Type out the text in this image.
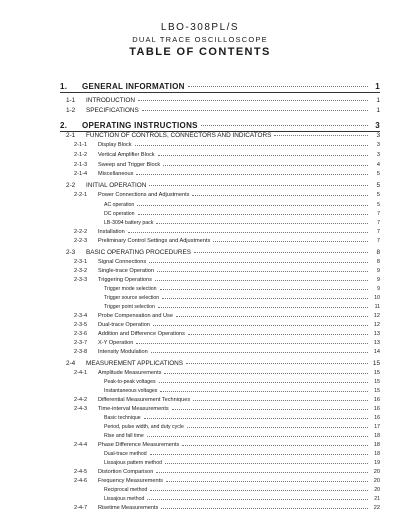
LBO-308PL/S
DUAL TRACE OSCILLOSCOPE
TABLE OF CONTENTS
1.	GENERAL INFORMATION	1
1-1	INTRODUCTION	1
1-2	SPECIFICATIONS	1
2.	OPERATING INSTRUCTIONS	3
2-1	FUNCTION OF CONTROLS, CONNECTORS AND INDICATORS	3
2-1-1	Display Block	3
2-1-2	Vertical Amplifier Block	3
2-1-3	Sweep and Trigger Block	4
2-1-4	Miscellaneous	5
2-2	INITIAL OPERATION	5
2-2-1	Power Connections and Adjustments	5
AC operation	5
DC operation	7
LB-3094 battery pack	7
2-2-2	Installation	7
2-2-3	Preliminary Control Settings and Adjustments	7
2-3	BASIC OPERATING PROCEDURES	8
2-3-1	Signal Connections	8
2-3-2	Single-trace Operation	9
2-3-3	Triggering Operations	9
Trigger mode selection	9
Trigger source selection	10
Trigger point selection	11
2-3-4	Probe Compensation and Use	12
2-3-5	Dual-trace Operation	12
2-3-6	Addition and Difference Operations	13
2-3-7	X-Y Operation	13
2-3-8	Intensity Modulation	14
2-4	MEASUREMENT APPLICATIONS	15
2-4-1	Amplitude Measurements	15
Peak-to-peak voltages	15
Instantaneous voltages	15
2-4-2	Differential Measurement Techniques	16
2-4-3	Time-interval Measurements	16
Basic technique	16
Period, pulse width, and duty cycle	17
Rise and fall time	18
2-4-4	Phase Difference Measurements	18
Dual-trace method	18
Lissajous pattern method	19
2-4-5	Distortion Comparison	20
2-4-6	Frequency Measurements	20
Reciprocal method	20
Lissajous method	21
2-4-7	Risetime Measurements	22
